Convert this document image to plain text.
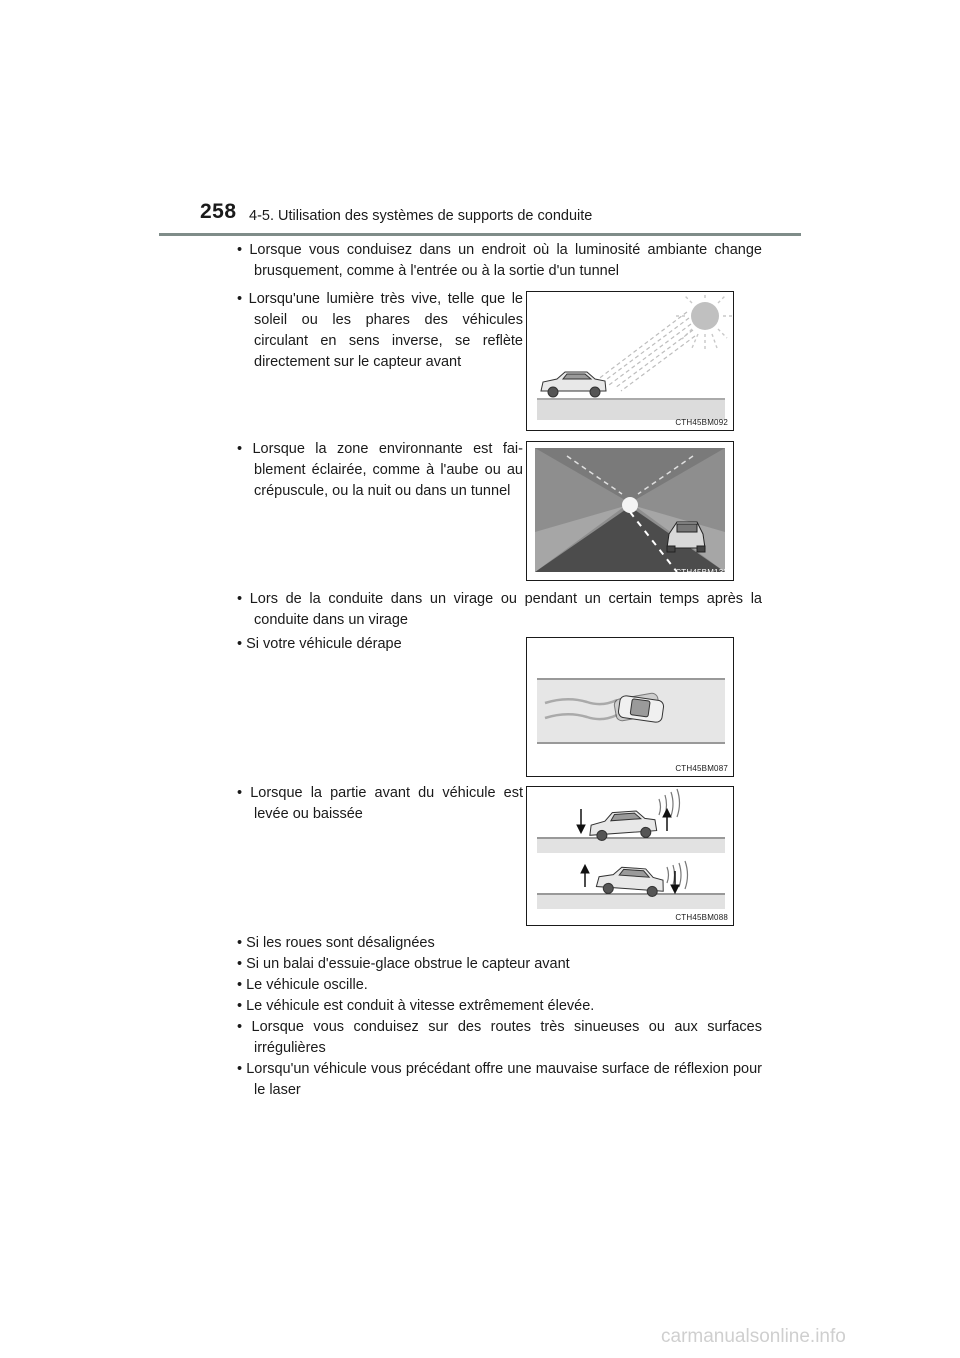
258 4-5. Utilisation des systèmes de supports de conduite
• Lorsque vous conduisez dans un endroit où la luminosité ambiante change brusquement, comme à l'entrée ou à la sortie d'un tunnel
• Lorsqu'une lumière très vive, telle que le soleil ou les phares des véhicules circulant en sens inverse, se reflète directement sur le capteur avant
• Lorsque la zone environnante est fai-blement éclairée, comme à l'aube ou au crépuscule, ou la nuit ou dans un tunnel
• Lors de la conduite dans un virage ou pendant un certain temps après la conduite dans un virage
• Si votre véhicule dérape
• Lorsque la partie avant du véhicule est levée ou baissée
• Si les roues sont désalignées
• Si un balai d'essuie-glace obstrue le capteur avant
• Le véhicule oscille.
• Le véhicule est conduit à vitesse extrêmement élevée.
• Lorsque vous conduisez sur des routes très sinueuses ou aux surfaces irrégulières
• Lorsqu'un véhicule vous précédant offre une mauvaise surface de réflexion pour le laser
CTH45BM092
CTH45BM133
CTH45BM087
CTH45BM088
carmanualsonline.info
